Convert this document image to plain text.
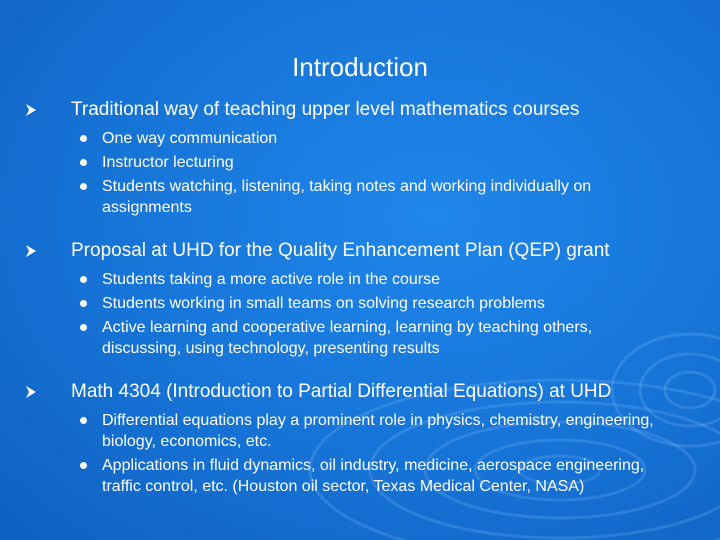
Introduction
Traditional way of teaching upper level mathematics courses
One way communication
Instructor lecturing
Students watching, listening, taking notes and working individually on assignments
Proposal at UHD for the Quality Enhancement Plan (QEP) grant
Students taking a more active role in the course
Students working in small teams on solving research problems
Active learning and cooperative learning, learning by teaching others, discussing, using technology, presenting results
Math 4304 (Introduction to Partial Differential Equations) at UHD
Differential equations play a prominent role in physics, chemistry, engineering, biology, economics, etc.
Applications in fluid dynamics, oil industry, medicine, aerospace engineering, traffic control, etc. (Houston oil sector, Texas Medical Center, NASA)
